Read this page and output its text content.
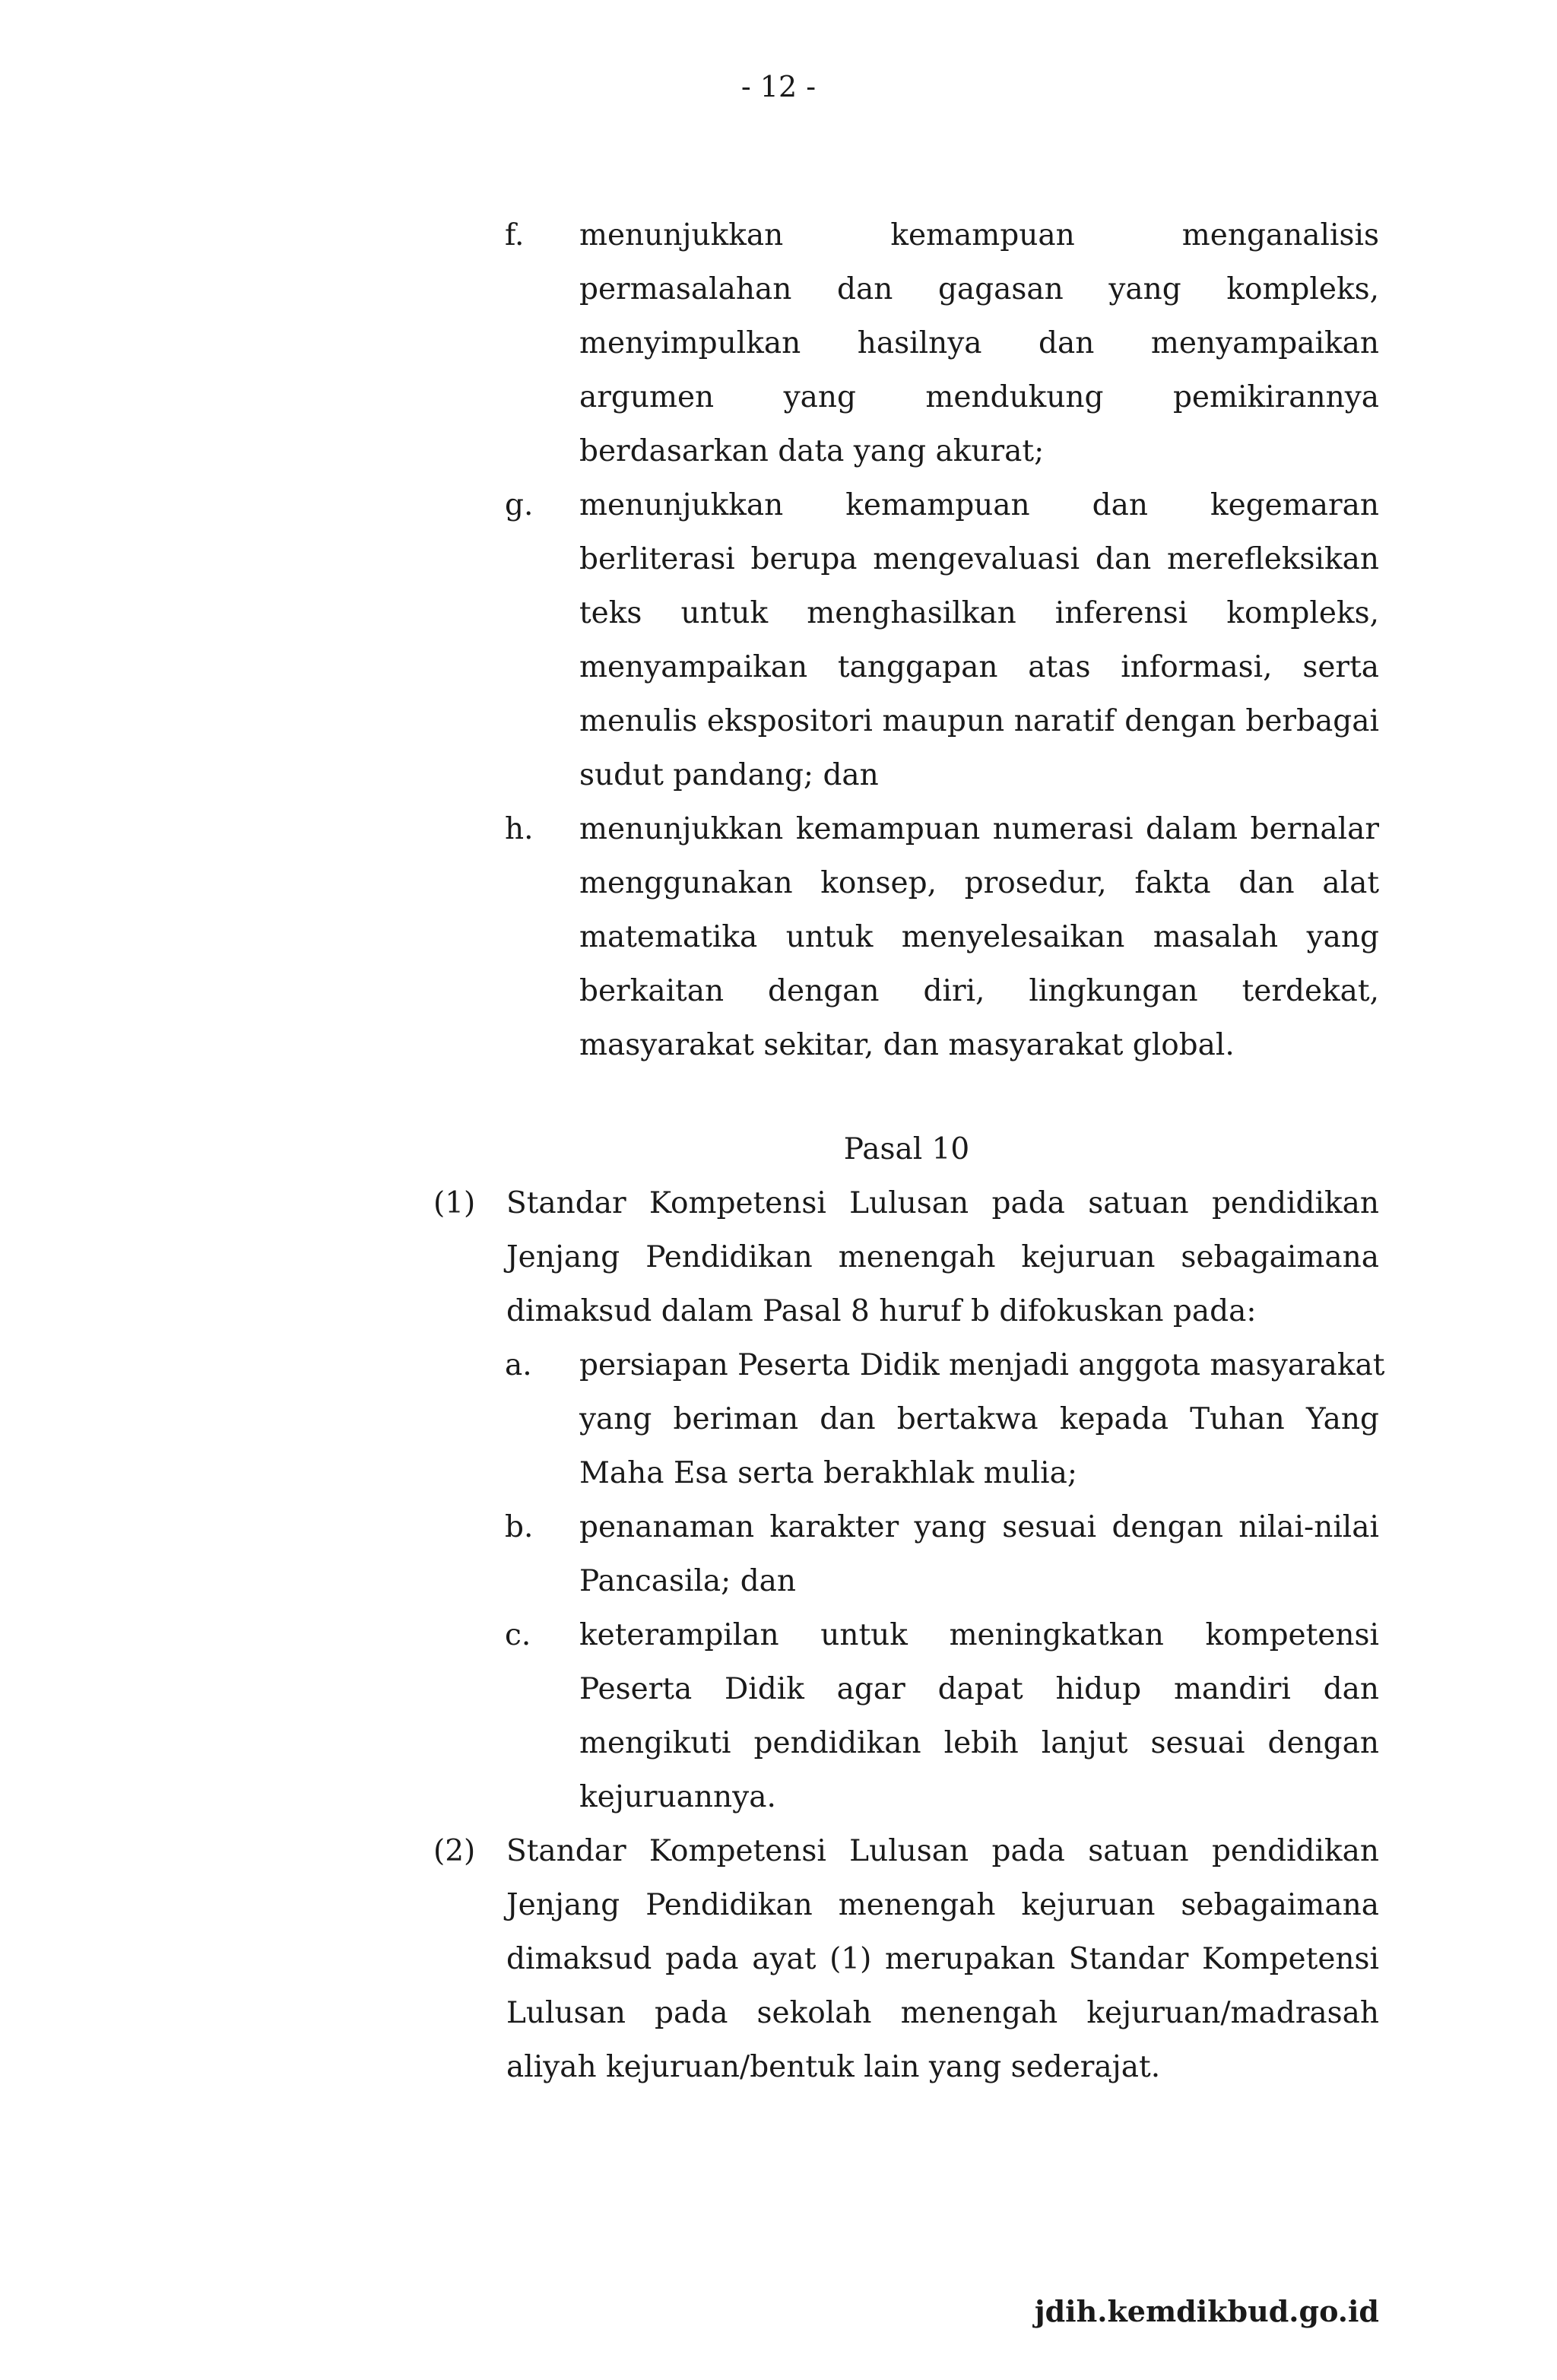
- 12 -
f. menunjukkan kemampuan menganalisis
permasalahan dan gagasan yang kompleks,
menyimpulkan hasilnya dan menyampaikan
argumen yang mendukung pemikirannya
berdasarkan data yang akurat;
g. menunjukkan kemampuan dan kegemaran
berliterasi berupa mengevaluasi dan merefleksikan
teks untuk menghasilkan inferensi kompleks,
menyampaikan tanggapan atas informasi, serta
menulis ekspositori maupun naratif dengan berbagai
sudut pandang; dan
h. menunjukkan kemampuan numerasi dalam bernalar
menggunakan konsep, prosedur, fakta dan alat
matematika untuk menyelesaikan masalah yang
berkaitan dengan diri, lingkungan terdekat,
masyarakat sekitar, dan masyarakat global.
Pasal 10
(1) Standar Kompetensi Lulusan pada satuan pendidikan
Jenjang Pendidikan menengah kejuruan sebagaimana
dimaksud dalam Pasal 8 huruf b difokuskan pada:
a. persiapan Peserta Didik menjadi anggota masyarakat
yang beriman dan bertakwa kepada Tuhan Yang
Maha Esa serta berakhlak mulia;
b. penanaman karakter yang sesuai dengan nilai-nilai
Pancasila; dan
c. keterampilan untuk meningkatkan kompetensi
Peserta Didik agar dapat hidup mandiri dan
mengikuti pendidikan lebih lanjut sesuai dengan
kejuruannya.
(2) Standar Kompetensi Lulusan pada satuan pendidikan
Jenjang Pendidikan menengah kejuruan sebagaimana
dimaksud pada ayat (1) merupakan Standar Kompetensi
Lulusan pada sekolah menengah kejuruan/madrasah
aliyah kejuruan/bentuk lain yang sederajat.
jdih.kemdikbud.go.id
